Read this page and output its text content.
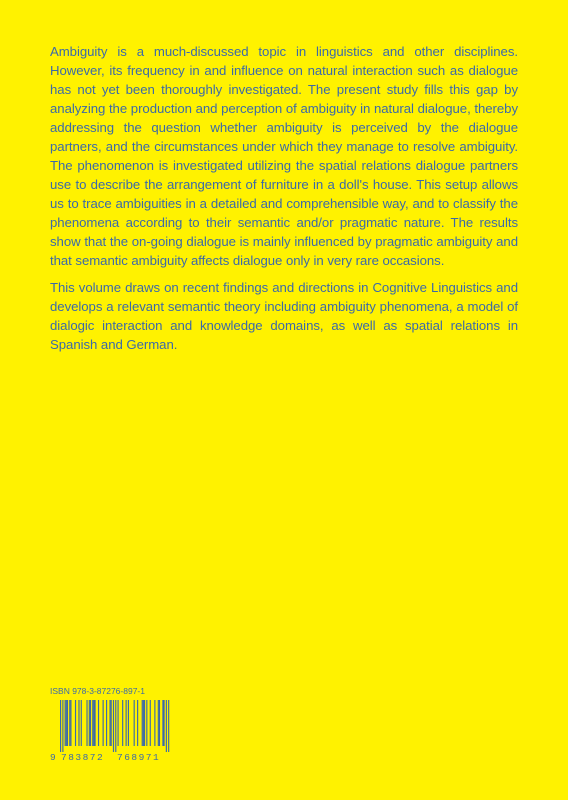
Ambiguity is a much-discussed topic in linguistics and other disciplines. However, its frequency in and influence on natural interaction such as dialogue has not yet been thoroughly investigated. The present study fills this gap by analyzing the production and perception of ambiguity in natural dialogue, thereby addressing the question whether ambiguity is perceived by the dialogue partners, and the circumstances under which they manage to resolve ambiguity. The phenomenon is investigated utilizing the spatial relations dialogue partners use to describe the arrangement of furniture in a doll's house. This setup allows us to trace ambiguities in a detailed and comprehensible way, and to classify the phenomena according to their semantic and/or pragmatic nature. The results show that the on-going dialogue is mainly influenced by pragmatic ambiguity and that semantic ambiguity affects dialogue only in very rare occasions.

This volume draws on recent findings and directions in Cognitive Linguistics and develops a relevant semantic theory including ambiguity phenomena, a model of dialogic interaction and knowledge domains, as well as spatial relations in Spanish and German.

ISBN 978-3-87276-897-1
9 783872 768971
